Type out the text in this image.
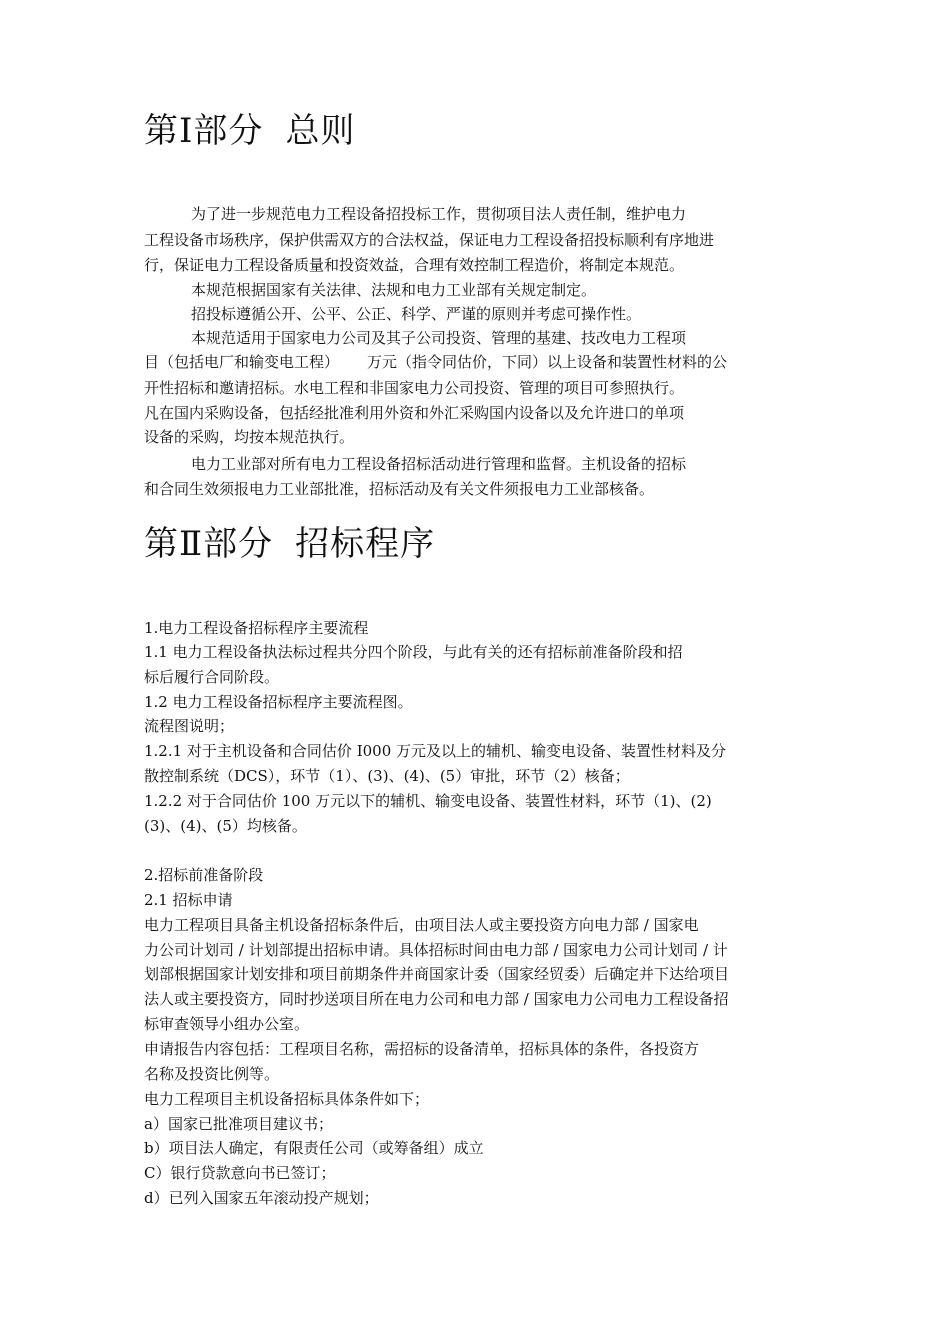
第Ⅰ部分 总则

为了进一步规范电力工程设备招投标工作，贯彻项目法人责任制，维护电力

工程设备市场秩序，保护供需双方的合法权益，保证电力工程设备招投标顺利有序地进

行，保证电力工程设备质量和投资效益，合理有效控制工程造价，将制定本规范。

本规范根据国家有关法律、法规和电力工业部有关规定制定。

招投标遵循公开、公平、公正、科学、严谨的原则并考虑可操作性。

本规范适用于国家电力公司及其子公司投资、管理的基建、技改电力工程项

目（包括电厂和输变电工程） 万元（指令同估价，下同）以上设备和装置性材料的公

开性招标和邀请招标。水电工程和非国家电力公司投资、管理的项目可参照执行。

凡在国内采购设备，包括经批准利用外资和外汇采购国内设备以及允许进口的单项

设备的采购，均按本规范执行。

电力工业部对所有电力工程设备招标活动进行管理和监督。主机设备的招标

和合同生效须报电力工业部批准，招标活动及有关文件须报电力工业部核备。

第Ⅱ部分 招标程序

1.电力工程设备招标程序主要流程

1.1 电力工程设备执法标过程共分四个阶段，与此有关的还有招标前准备阶段和招

标后履行合同阶段。

1.2 电力工程设备招标程序主要流程图。

流程图说明；

1.2.1 对于主机设备和合同估价 I000 万元及以上的辅机、输变电设备、装置性材料及分

散控制系统（DCS），环节（1）、(3)、(4)、(5）审批，环节（2）核备；

1.2.2 对于合同估价 100 万元以下的辅机、输变电设备、装置性材料，环节（1)、(2)

(3)、(4)、(5）均核备。

2.招标前准备阶段

2.1 招标申请

电力工程项目具备主机设备招标条件后，由项目法人或主要投资方向电力部 / 国家电

力公司计划司 / 计划部提出招标申请。具体招标时间由电力部 / 国家电力公司计划司 / 计

划部根据国家计划安排和项目前期条件并商国家计委（国家经贸委）后确定并下达给项目

法人或主要投资方，同时抄送项目所在电力公司和电力部 / 国家电力公司电力工程设备招

标审查领导小组办公室。

申请报告内容包括：工程项目名称，需招标的设备清单，招标具体的条件，各投资方

名称及投资比例等。

电力工程项目主机设备招标具体条件如下；

a）国家已批准项目建议书；

b）项目法人确定，有限责任公司（或筹备组）成立

C）银行贷款意向书已签订；

d）已列入国家五年滚动投产规划；
